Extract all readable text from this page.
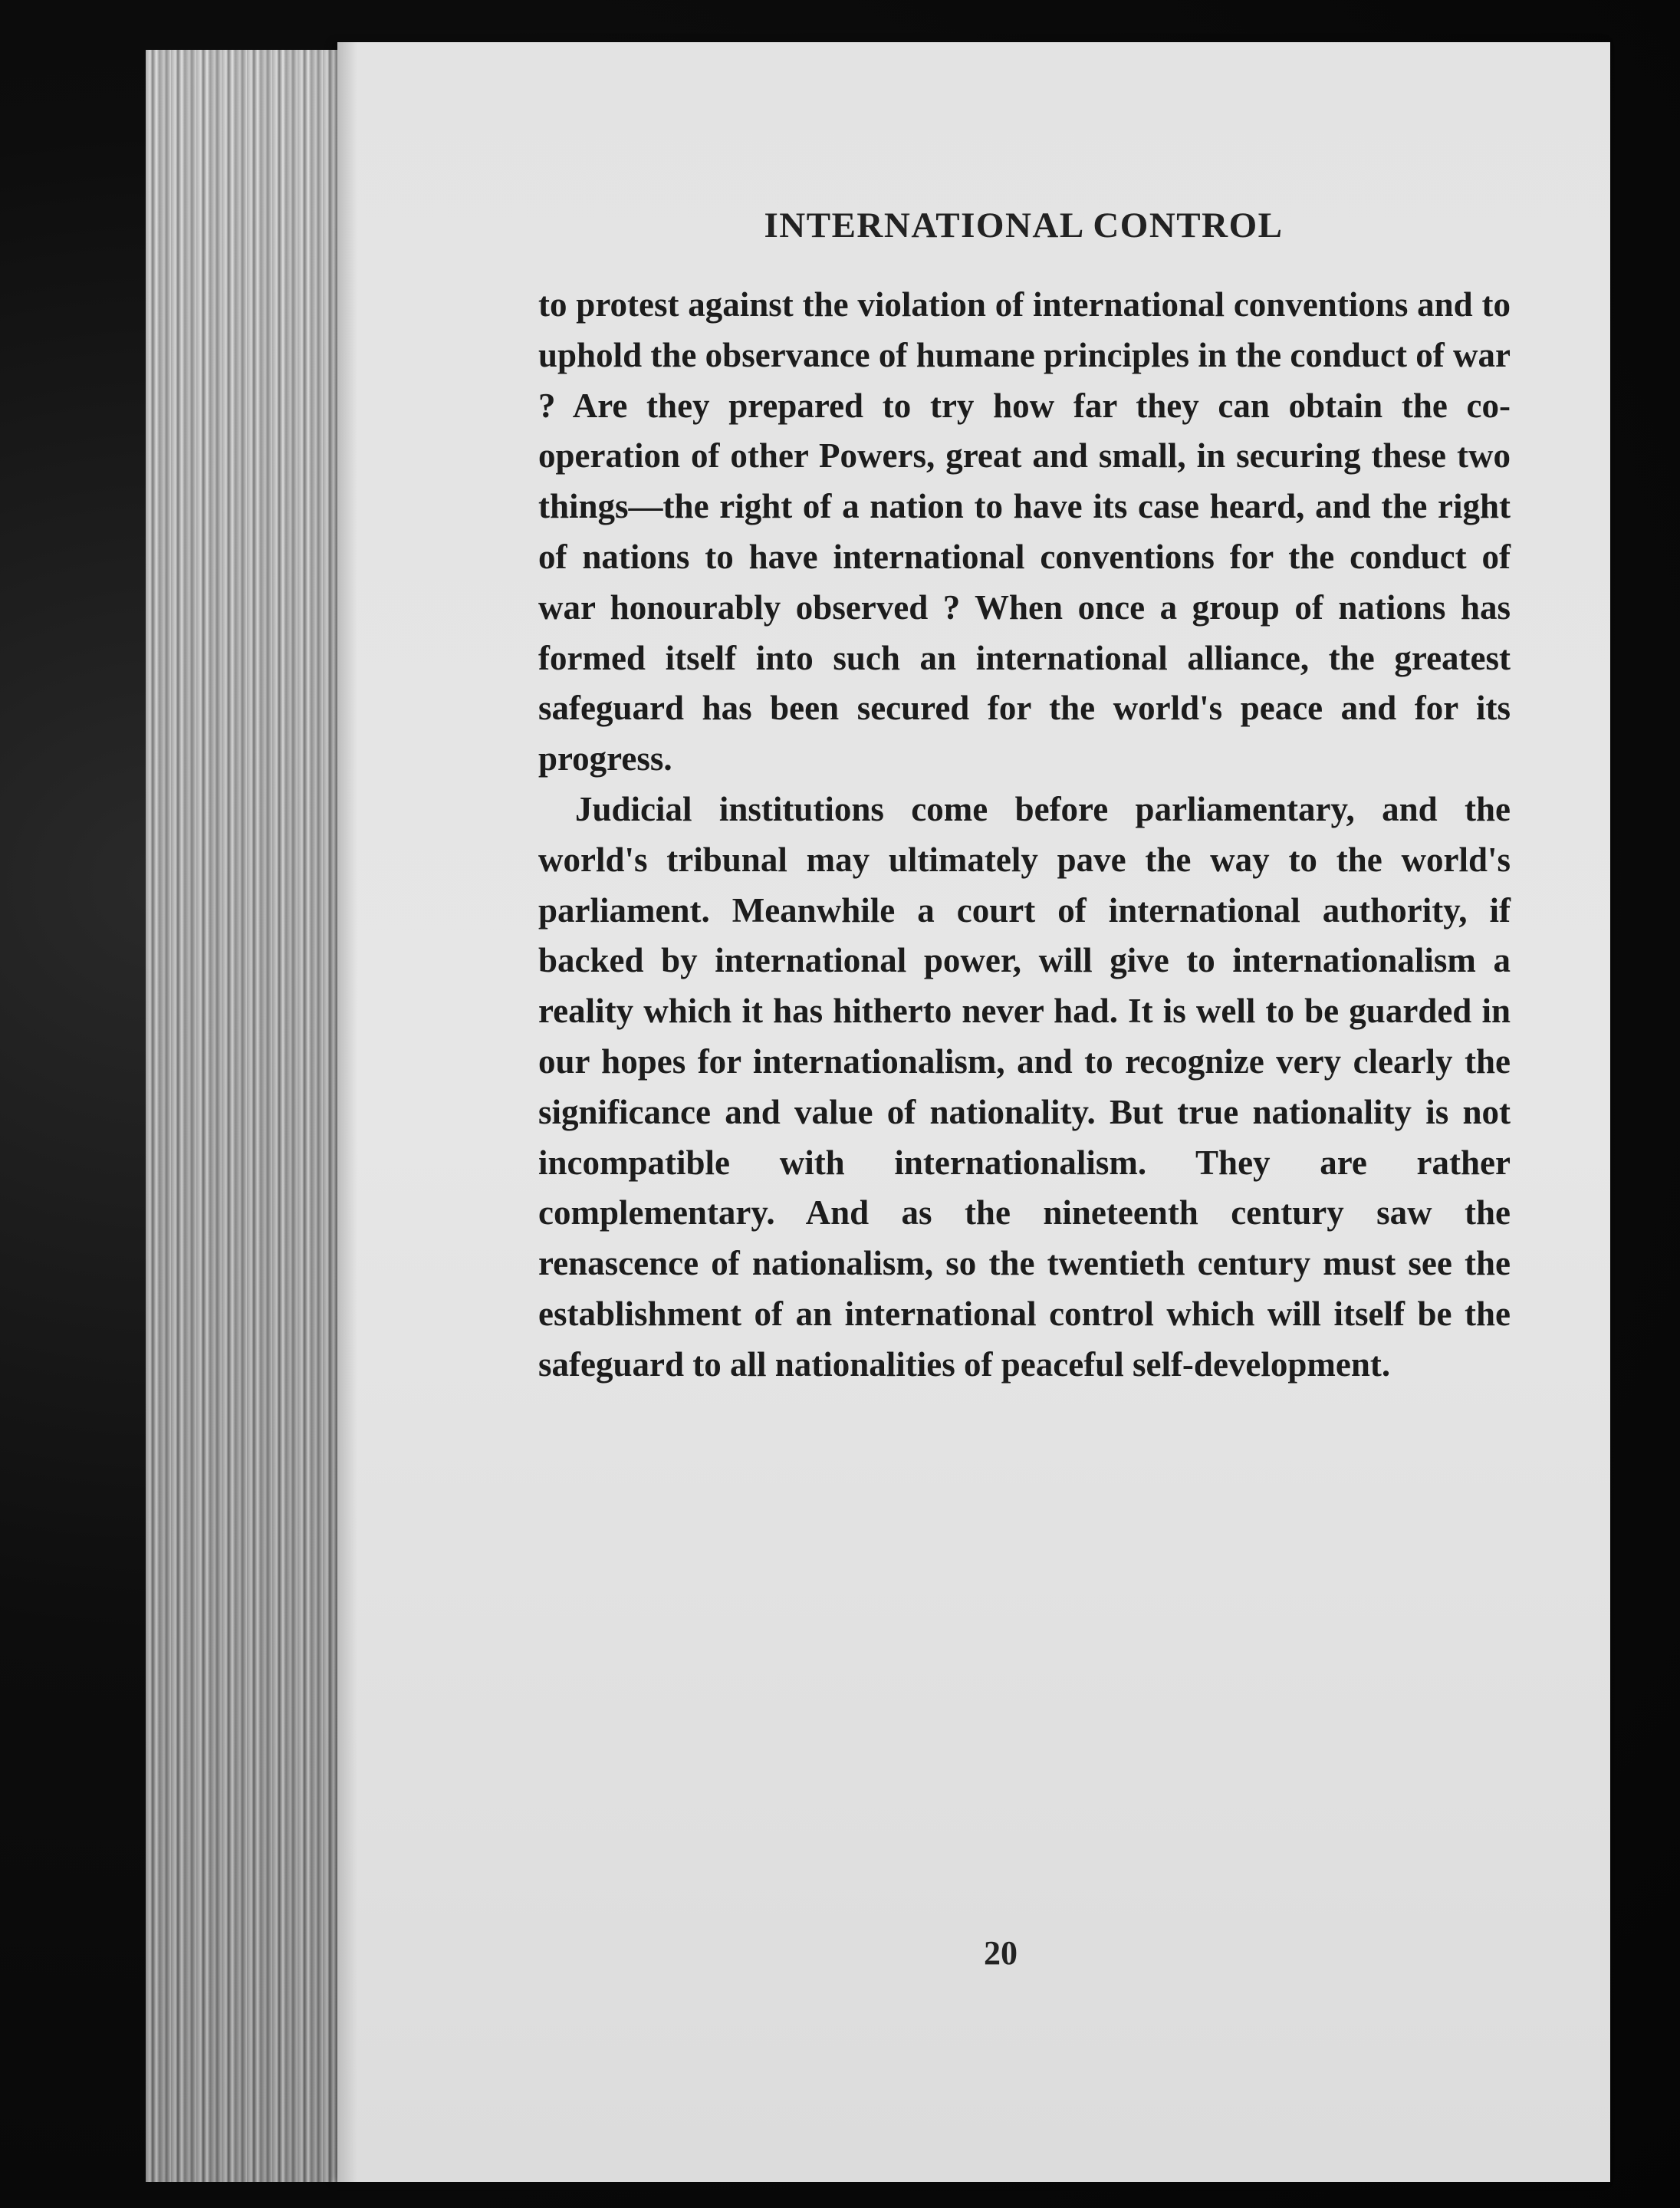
INTERNATIONAL CONTROL

to protest against the violation of international conventions and to uphold the observance of humane principles in the conduct of war ? Are they prepared to try how far they can obtain the co-operation of other Powers, great and small, in securing these two things—the right of a nation to have its case heard, and the right of nations to have international conventions for the conduct of war honourably observed ? When once a group of nations has formed itself into such an international alliance, the greatest safeguard has been secured for the world's peace and for its progress.

Judicial institutions come before parliamentary, and the world's tribunal may ultimately pave the way to the world's parliament. Meanwhile a court of international authority, if backed by international power, will give to internationalism a reality which it has hitherto never had. It is well to be guarded in our hopes for internationalism, and to recognize very clearly the significance and value of nationality. But true nationality is not incompatible with internationalism. They are rather complementary. And as the nineteenth century saw the renascence of nationalism, so the twentieth century must see the establishment of an international control which will itself be the safeguard to all nationalities of peaceful self-development.

20
